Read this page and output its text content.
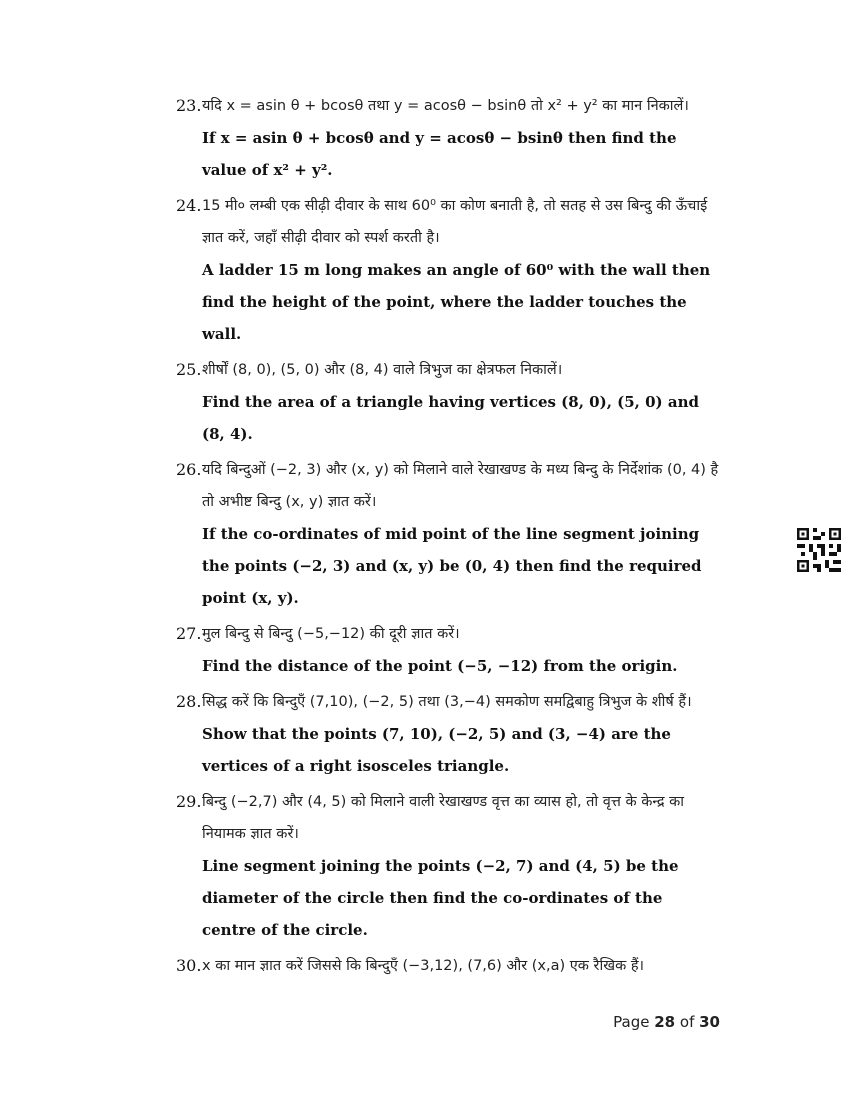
23. यदि x = asin θ + bcosθ तथा y = acosθ − bsinθ तो x² + y² का मान निकालें।

If x = asin θ + bcosθ and y = acosθ − bsinθ then find the value of x² + y².

24. 15 मी० लम्बी एक सीढ़ी दीवार के साथ 60⁰ का कोण बनाती है, तो सतह से उस बिन्दु की ऊँचाई ज्ञात करें, जहाँ सीढ़ी दीवार को स्पर्श करती है।

A ladder 15 m long makes an angle of 60⁰ with the wall then find the height of the point, where the ladder touches the wall.

25. शीर्षों (8, 0), (5, 0) और (8, 4) वाले त्रिभुज का क्षेत्रफल निकालें।

Find the area of a triangle having vertices (8, 0), (5, 0) and (8, 4).

26. यदि बिन्दुओं (−2, 3) और (x, y) को मिलाने वाले रेखाखण्ड के मध्य बिन्दु के निर्देशांक (0, 4) है तो अभीष्ट बिन्दु (x, y) ज्ञात करें।

If the co-ordinates of mid point of the line segment joining the points (−2, 3) and (x, y) be (0, 4) then find the required point (x, y).

27. मुल बिन्दु से बिन्दु (−5,−12) की दूरी ज्ञात करें।

Find the distance of the point (−5, −12) from the origin.

28. सिद्ध करें कि बिन्दुएँ (7,10), (−2, 5) तथा (3,−4) समकोण समद्विबाहु त्रिभुज के शीर्ष हैं।

Show that the points (7, 10), (−2, 5) and (3, −4) are the vertices of a right isosceles triangle.

29. बिन्दु (−2,7) और (4, 5) को मिलाने वाली रेखाखण्ड वृत्त का व्यास हो, तो वृत्त के केन्द्र का नियामक ज्ञात करें।

Line segment joining the points (−2, 7) and (4, 5) be the diameter of the circle then find the co-ordinates of the centre of the circle.

30. x का मान ज्ञात करें जिससे कि बिन्दुएँ (−3,12), (7,6) और (x,a) एक रैखिक हैं।

Page 28 of 30
